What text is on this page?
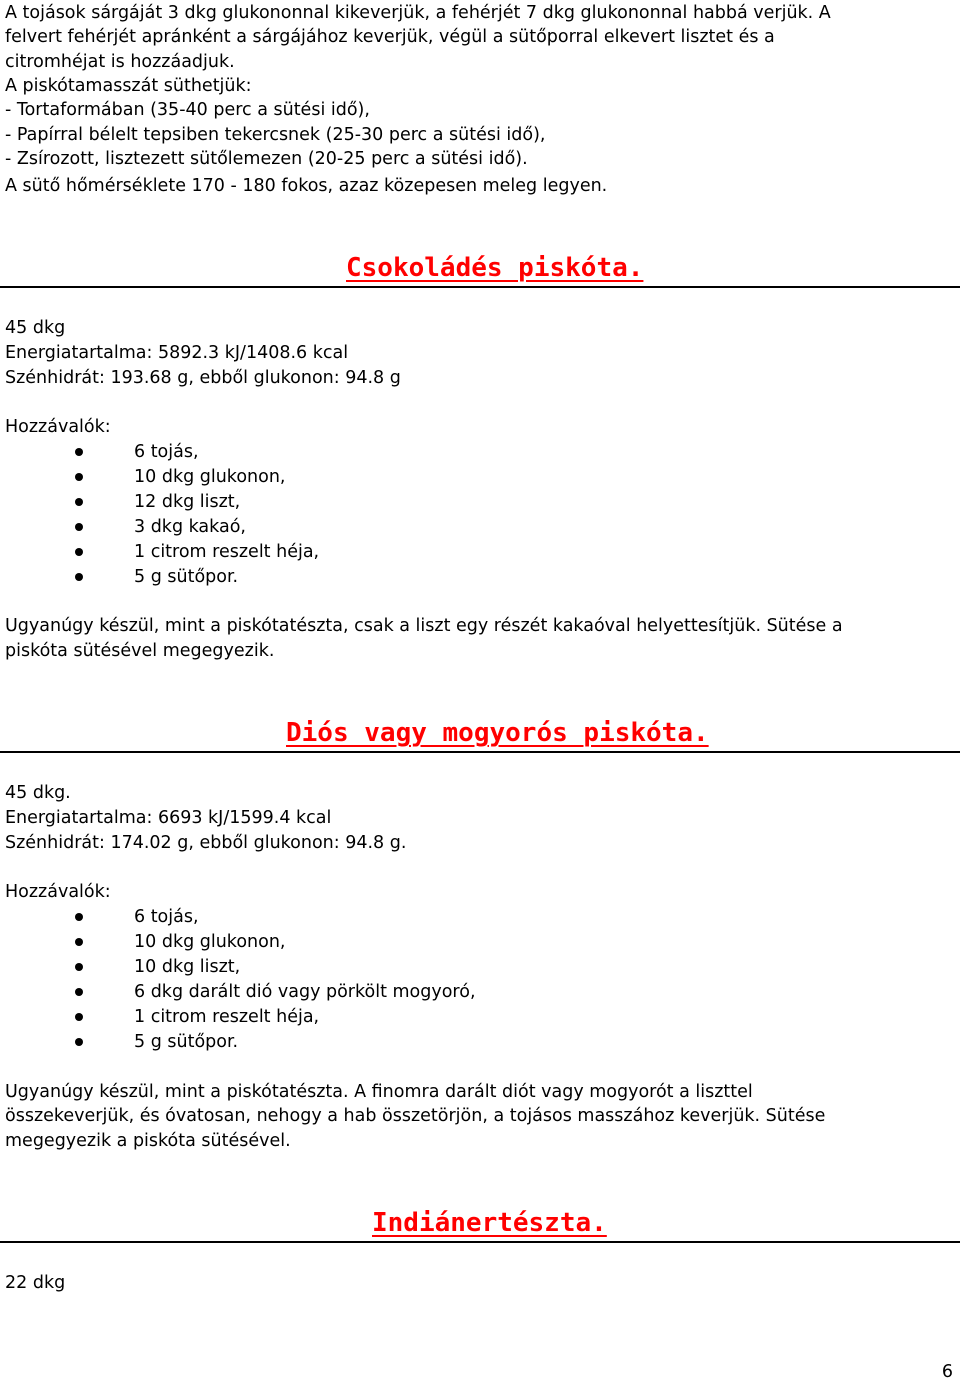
A tojások sárgáját 3 dkg glukononnal kikeverjük, a fehérjét 7 dkg glukononnal habbá verjük. A
felvert fehérjét apránként a sárgájához keverjük, végül a sütőporral elkevert lisztet és a
citromhéjat is hozzáadjuk.
A piskótamasszát süthetjük:
- Tortaformában (35-40 perc a sütési idő),
- Papírral bélelt tepsiben tekercsnek (25-30 perc a sütési idő),
- Zsírozott, lisztezett sütőlemezen (20-25 perc a sütési idő).
A sütő hőmérséklete 170 - 180 fokos, azaz közepesen meleg legyen.
Csokoládés piskóta.
45 dkg
Energiatartalma: 5892.3 kJ/1408.6 kcal
Szénhidrát: 193.68 g, ebből glukonon: 94.8 g
Hozzávalók:
6 tojás,
10 dkg glukonon,
12 dkg liszt,
3 dkg kakaó,
1 citrom reszelt héja,
5 g sütőpor.
Ugyanúgy készül, mint a piskótatészta, csak a liszt egy részét kakaóval helyettesítjük. Sütése a
piskóta sütésével megegyezik.
Diós vagy mogyorós piskóta.
45 dkg.
Energiatartalma: 6693 kJ/1599.4 kcal
Szénhidrát: 174.02 g, ebből glukonon: 94.8 g.
Hozzávalók:
6 tojás,
10 dkg glukonon,
10 dkg liszt,
6 dkg darált dió vagy pörkölt mogyoró,
1 citrom reszelt héja,
5 g sütőpor.
Ugyanúgy készül, mint a piskótatészta. A finomra darált diót vagy mogyorót a liszttel
összekeverjük, és óvatosan, nehogy a hab összetörjön, a tojásos masszához keverjük. Sütése
megegyezik a piskóta sütésével.
Indiánertészta.
22 dkg
6
